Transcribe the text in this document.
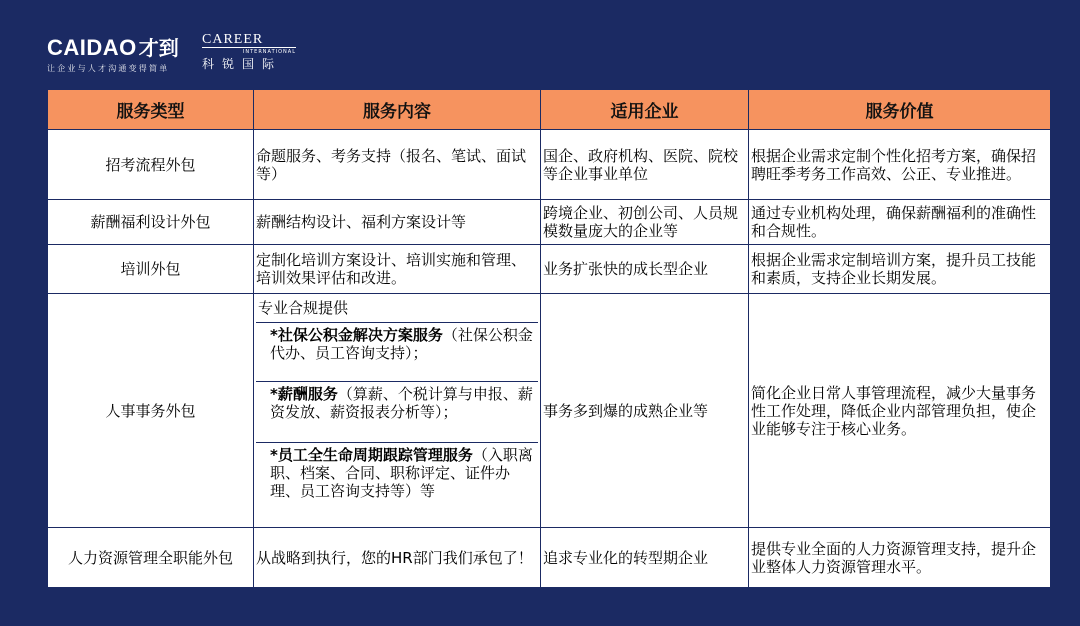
CAIDAO 才到
让企业与人才沟通变得简单
CAREER
INTERNATIONAL
科锐国际
服务类型	服务内容	适用企业	服务价值
招考流程外包	命题服务、考务支持（报名、笔试、面试等）	国企、政府机构、医院、院校等企业事业单位	根据企业需求定制个性化招考方案，确保招聘旺季考务工作高效、公正、专业推进。
薪酬福利设计外包	薪酬结构设计、福利方案设计等	跨境企业、初创公司、人员规模数量庞大的企业等	通过专业机构处理，确保薪酬福利的准确性和合规性。
培训外包	定制化培训方案设计、培训实施和管理、培训效果评估和改进。	业务扩张快的成长型企业	根据企业需求定制培训方案，提升员工技能和素质，支持企业长期发展。
人事事务外包	专业合规提供
*社保公积金解决方案服务（社保公积金代办、员工咨询支持）；
*薪酬服务（算薪、个税计算与申报、薪资发放、薪资报表分析等）；
*员工全生命周期跟踪管理服务（入职离职、档案、合同、职称评定、证件办理、员工咨询支持等）等	事务多到爆的成熟企业等	简化企业日常人事管理流程，减少大量事务性工作处理，降低企业内部管理负担，使企业能够专注于核心业务。
人力资源管理全职能外包	从战略到执行，您的HR部门我们承包了！	追求专业化的转型期企业	提供专业全面的人力资源管理支持，提升企业整体人力资源管理水平。
